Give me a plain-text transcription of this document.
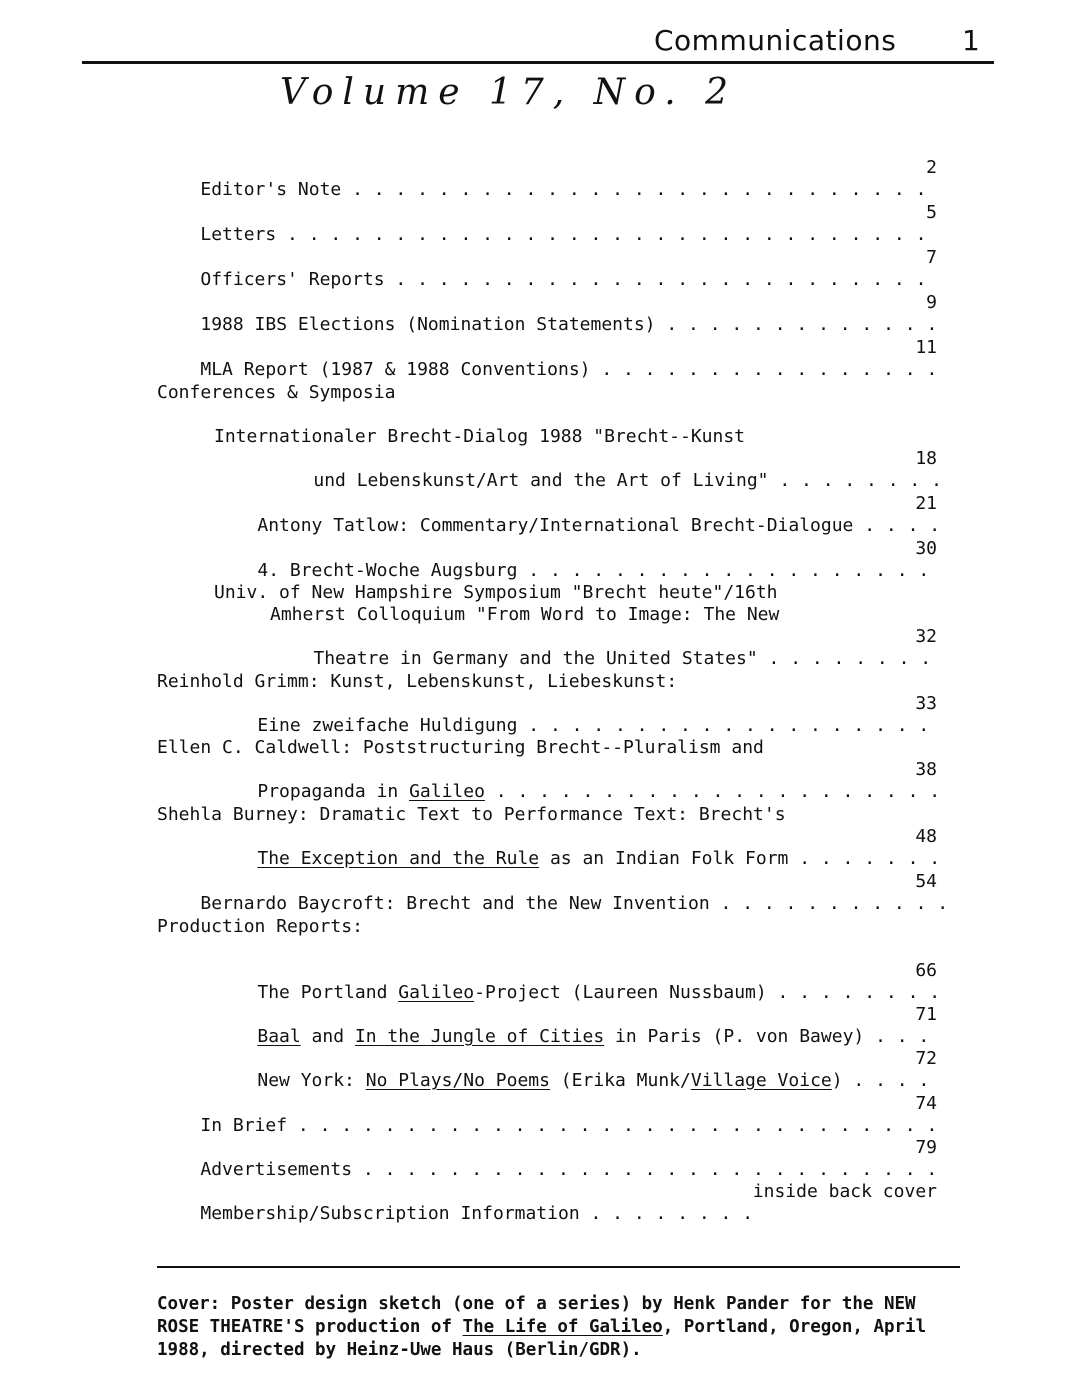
Communications 1
Volume 17, No. 2

Editor's Note . . . . . . . . . . . . . . . . . . . . . . . . . . .

2

Letters . . . . . . . . . . . . . . . . . . . . . . . . . . . . . .

5

Officers' Reports . . . . . . . . . . . . . . . . . . . . . . . . .

7

1988 IBS Elections (Nomination Statements) . . . . . . . . . . . . .

9

MLA Report (1987 & 1988 Conventions) . . . . . . . . . . . . . . . .

11
Conferences & Symposia
Internationaler Brecht-Dialog 1988 "Brecht--Kunst

und Lebenskunst/Art and the Art of Living" . . . . . . . .

18

Antony Tatlow: Commentary/International Brecht-Dialogue . . . .

21

4. Brecht-Woche Augsburg . . . . . . . . . . . . . . . . . . .

30
Univ. of New Hampshire Symposium "Brecht heute"/16th
Amherst Colloquium "From Word to Image: The New

Theatre in Germany and the United States" . . . . . . . .

32
Reinhold Grimm: Kunst, Lebenskunst, Liebeskunst:

Eine zweifache Huldigung . . . . . . . . . . . . . . . . . . .

33
Ellen C. Caldwell: Poststructuring Brecht--Pluralism and

Propaganda in Galileo . . . . . . . . . . . . . . . . . . . . .

38
Shehla Burney: Dramatic Text to Performance Text: Brecht's

The Exception and the Rule as an Indian Folk Form . . . . . . .

48

Bernardo Baycroft: Brecht and the New Invention . . . . . . . . . . .

54
Production Reports:

The Portland Galileo-Project (Laureen Nussbaum) . . . . . . . .

66

Baal and In the Jungle of Cities in Paris (P. von Bawey) . . .

71

New York: No Plays/No Poems (Erika Munk/Village Voice) . . . .

72

In Brief . . . . . . . . . . . . . . . . . . . . . . . . . . . . . .

74

Advertisements . . . . . . . . . . . . . . . . . . . . . . . . . . .

79

Membership/Subscription Information . . . . . . . .

inside back cover
Cover: Poster design sketch (one of a series) by Henk Pander for the NEW
ROSE THEATRE'S production of The Life of Galileo, Portland, Oregon, April
1988, directed by Heinz-Uwe Haus (Berlin/GDR).
